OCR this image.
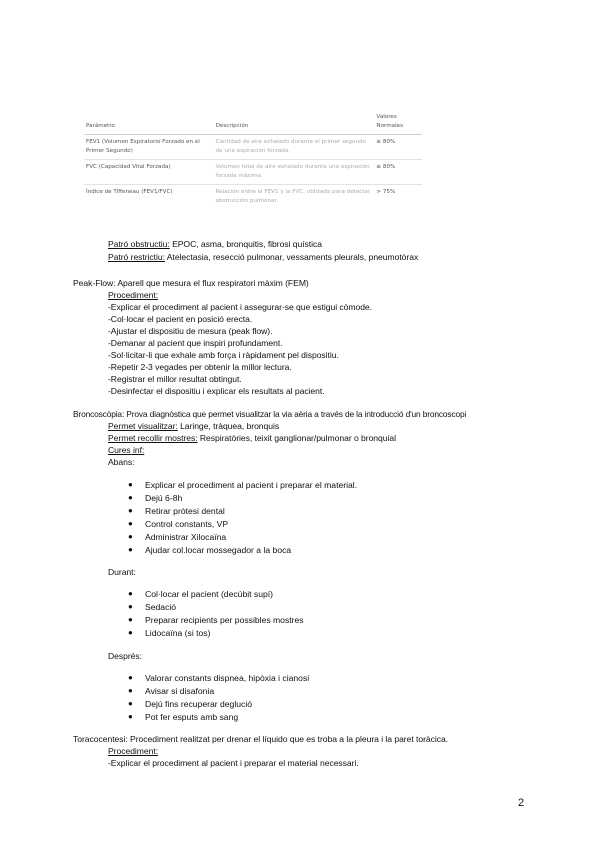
Parámetro	Descripción	Valores Normales
FEV1 (Volumen Espiratorio Forzado en el Primer Segundo)	Cantidad de aire exhalado durante el primer segundo de una espiración forzada.	≥ 80%
FVC (Capacidad Vital Forzada)	Volumen total de aire exhalado durante una espiración forzada máxima.	≥ 80%
Índice de Tiffeneau (FEV1/FVC)	Relación entre el FEV1 y la FVC, utilizada para detectar obstrucción pulmonar.	> 75%
Patró obstructiu: EPOC, asma, bronquitis, fibrosi quística
Patró restrictiu: Atelectasia, resecció pulmonar, vessaments pleurals, pneumotòrax
Peak-Flow: Aparell que mesura el flux respiratori màxim (FEM)
Procediment:
-Explicar el procediment al pacient i assegurar-se que estigui còmode.
-Col·locar el pacient en posició erecta.
-Ajustar el dispositiu de mesura (peak flow).
-Demanar al pacient que inspiri profundament.
-Sol·licitar-li que exhale amb força i ràpidament pel dispositiu.
-Repetir 2-3 vegades per obtenir la millor lectura.
-Registrar el millor resultat obtingut.
-Desinfectar el dispositiu i explicar els resultats al pacient.
Broncoscòpia: Prova diagnòstica que permet visualitzar la via aèria a través de la introducció d'un broncoscopi
Permet visualitzar: Laringe, tràquea, bronquis
Permet recollir mostres: Respiratòries, teixit ganglionar/pulmonar o bronquial
Cures inf:
Abans:
● Explicar el procediment al pacient i preparar el material.
● Dejú 6-8h
● Retirar pròtesi dental
● Control constants, VP
● Administrar Xilocaïna
● Ajudar col.locar mossegador a la boca
Durant:
● Col·locar el pacient (decúbit supí)
● Sedació
● Preparar recipients per possibles mostres
● Lidocaïna (si tos)
Després:
● Valorar constants dispnea, hipòxia i cianosi
● Avisar si disafonia
● Dejú fins recuperar deglució
● Pot fer esputs amb sang
Toracocentesi: Procediment realitzat per drenar el líquido que es troba a la pleura i la paret toràcica.
Procediment:
-Explicar el procediment al pacient i preparar el material necessari.
2
